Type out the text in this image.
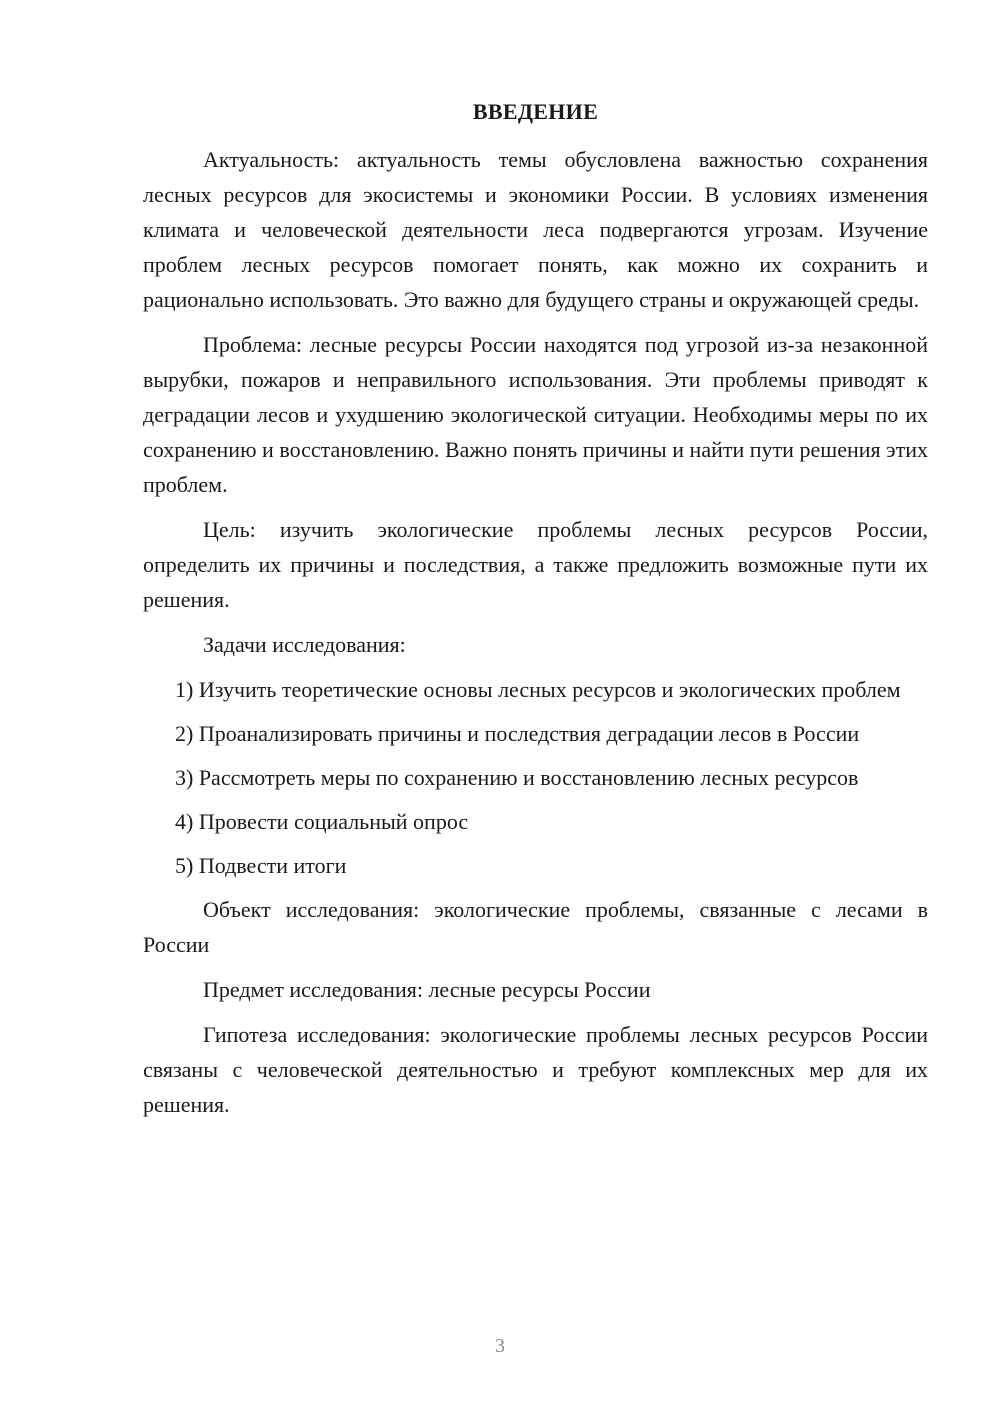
ВВЕДЕНИЕ

Актуальность: актуальность темы обусловлена важностью сохранения лесных ресурсов для экосистемы и экономики России. В условиях изменения климата и человеческой деятельности леса подвергаются угрозам. Изучение проблем лесных ресурсов помогает понять, как можно их сохранить и рационально использовать. Это важно для будущего страны и окружающей среды.

Проблема: лесные ресурсы России находятся под угрозой из-за незаконной вырубки, пожаров и неправильного использования. Эти проблемы приводят к деградации лесов и ухудшению экологической ситуации. Необходимы меры по их сохранению и восстановлению. Важно понять причины и найти пути решения этих проблем.

Цель: изучить экологические проблемы лесных ресурсов России, определить их причины и последствия, а также предложить возможные пути их решения.

Задачи исследования:

1) Изучить теоретические основы лесных ресурсов и экологических проблем

2) Проанализировать причины и последствия деградации лесов в России

3) Рассмотреть меры по сохранению и восстановлению лесных ресурсов

4) Провести социальный опрос

5) Подвести итоги

Объект исследования: экологические проблемы, связанные с лесами в России

Предмет исследования: лесные ресурсы России

Гипотеза исследования: экологические проблемы лесных ресурсов России связаны с человеческой деятельностью и требуют комплексных мер для их решения.

3
